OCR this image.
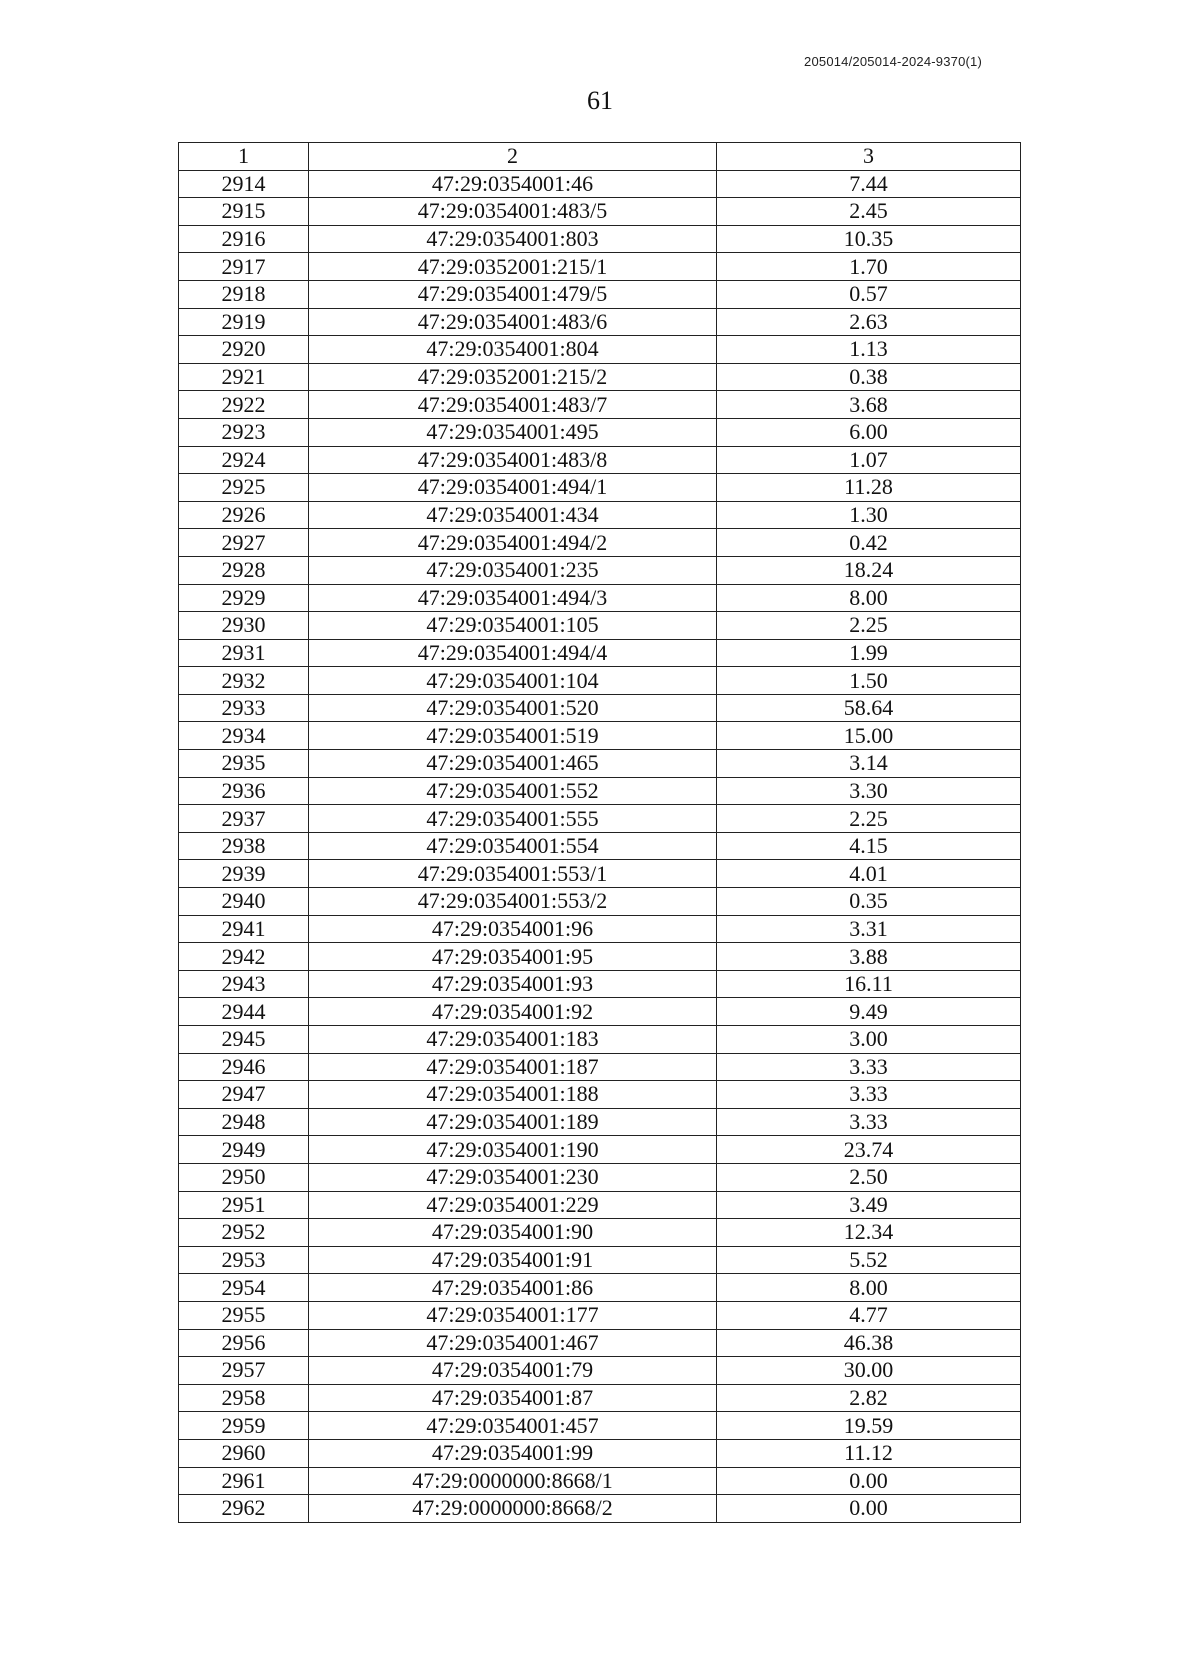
205014/205014-2024-9370(1)
61
1	2	3
2914	47:29:0354001:46	7.44
2915	47:29:0354001:483/5	2.45
2916	47:29:0354001:803	10.35
2917	47:29:0352001:215/1	1.70
2918	47:29:0354001:479/5	0.57
2919	47:29:0354001:483/6	2.63
2920	47:29:0354001:804	1.13
2921	47:29:0352001:215/2	0.38
2922	47:29:0354001:483/7	3.68
2923	47:29:0354001:495	6.00
2924	47:29:0354001:483/8	1.07
2925	47:29:0354001:494/1	11.28
2926	47:29:0354001:434	1.30
2927	47:29:0354001:494/2	0.42
2928	47:29:0354001:235	18.24
2929	47:29:0354001:494/3	8.00
2930	47:29:0354001:105	2.25
2931	47:29:0354001:494/4	1.99
2932	47:29:0354001:104	1.50
2933	47:29:0354001:520	58.64
2934	47:29:0354001:519	15.00
2935	47:29:0354001:465	3.14
2936	47:29:0354001:552	3.30
2937	47:29:0354001:555	2.25
2938	47:29:0354001:554	4.15
2939	47:29:0354001:553/1	4.01
2940	47:29:0354001:553/2	0.35
2941	47:29:0354001:96	3.31
2942	47:29:0354001:95	3.88
2943	47:29:0354001:93	16.11
2944	47:29:0354001:92	9.49
2945	47:29:0354001:183	3.00
2946	47:29:0354001:187	3.33
2947	47:29:0354001:188	3.33
2948	47:29:0354001:189	3.33
2949	47:29:0354001:190	23.74
2950	47:29:0354001:230	2.50
2951	47:29:0354001:229	3.49
2952	47:29:0354001:90	12.34
2953	47:29:0354001:91	5.52
2954	47:29:0354001:86	8.00
2955	47:29:0354001:177	4.77
2956	47:29:0354001:467	46.38
2957	47:29:0354001:79	30.00
2958	47:29:0354001:87	2.82
2959	47:29:0354001:457	19.59
2960	47:29:0354001:99	11.12
2961	47:29:0000000:8668/1	0.00
2962	47:29:0000000:8668/2	0.00
